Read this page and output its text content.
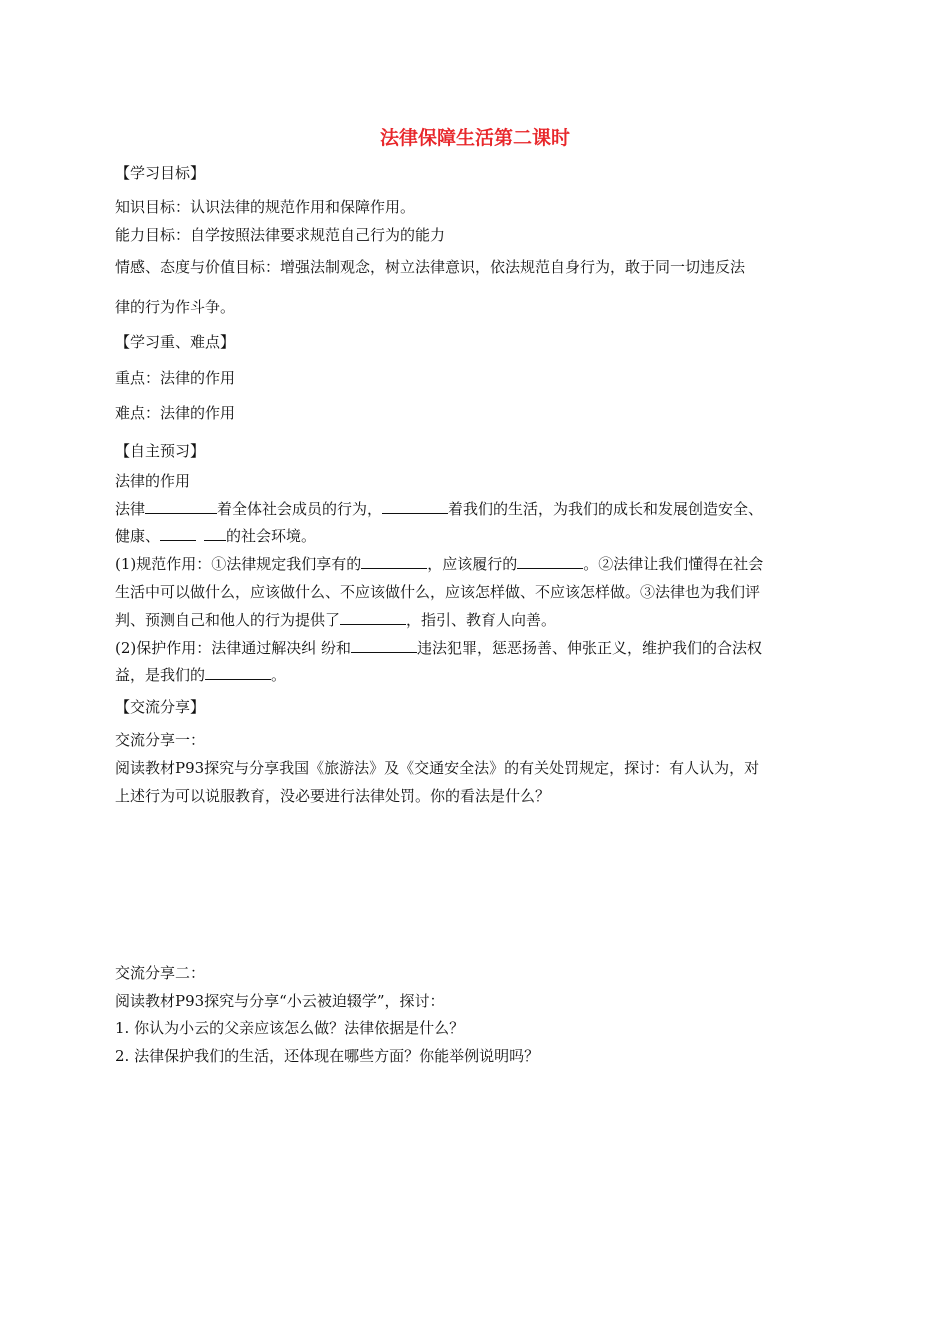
法律保障生活第二课时
【学习目标】
知识目标：认识法律的规范作用和保障作用。
能力目标：自学按照法律要求规范自己行为的能力
情感、态度与价值目标：增强法制观念，树立法律意识，依法规范自身行为，敢于同一切违反法
律的行为作斗争。
【学习重、难点】
重点：法律的作用
难点：法律的作用
【自主预习】
法律的作用
法律	着全体社会成员的行为，	着我们的生活，为我们的成长和发展创造安全、
健康、	的社会环境。
(1)规范作用：①法律规定我们享有的	，应该履行的	。②法律让我们懂得在社会
生活中可以做什么，应该做什么、不应该做什么，应该怎样做、不应该怎样做。③法律也为我们评
判、预测自己和他人的行为提供了	，指引、教育人向善。
(2)保护作用：法律通过解决纠 纷和	违法犯罪，惩恶扬善、伸张正义，维护我们的合法权
益，是我们的	。
【交流分享】
交流分享一：
阅读教材P93探究与分享我国《旅游法》及《交通安全法》的有关处罚规定，探讨：有人认为，对
上述行为可以说服教育，没必要进行法律处罚。你的看法是什么？
交流分享二：
阅读教材P93探究与分享“小云被迫辍学”，探讨：
1. 你认为小云的父亲应该怎么做？法律依据是什么？
2. 法律保护我们的生活，还体现在哪些方面？你能举例说明吗？
